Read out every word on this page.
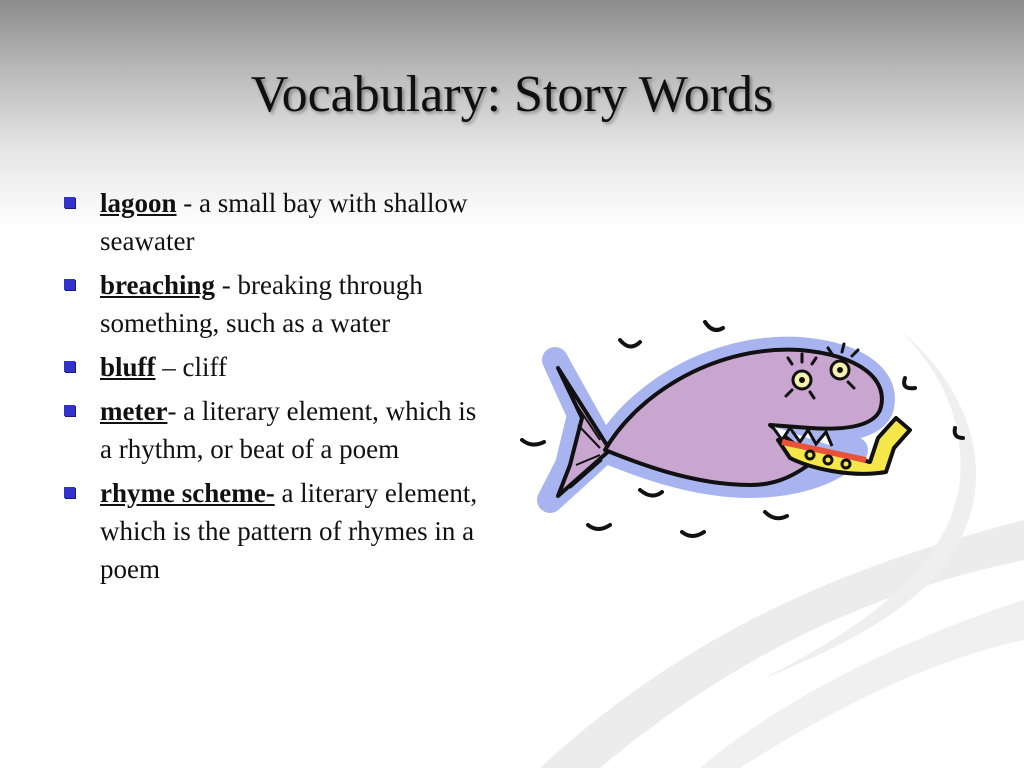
Vocabulary: Story Words
lagoon - a small bay with shallow seawater
breaching - breaking through something, such as a water
bluff – cliff
meter- a literary element, which is a rhythm, or beat of a poem
rhyme scheme- a literary element, which is the pattern of rhymes in a poem
